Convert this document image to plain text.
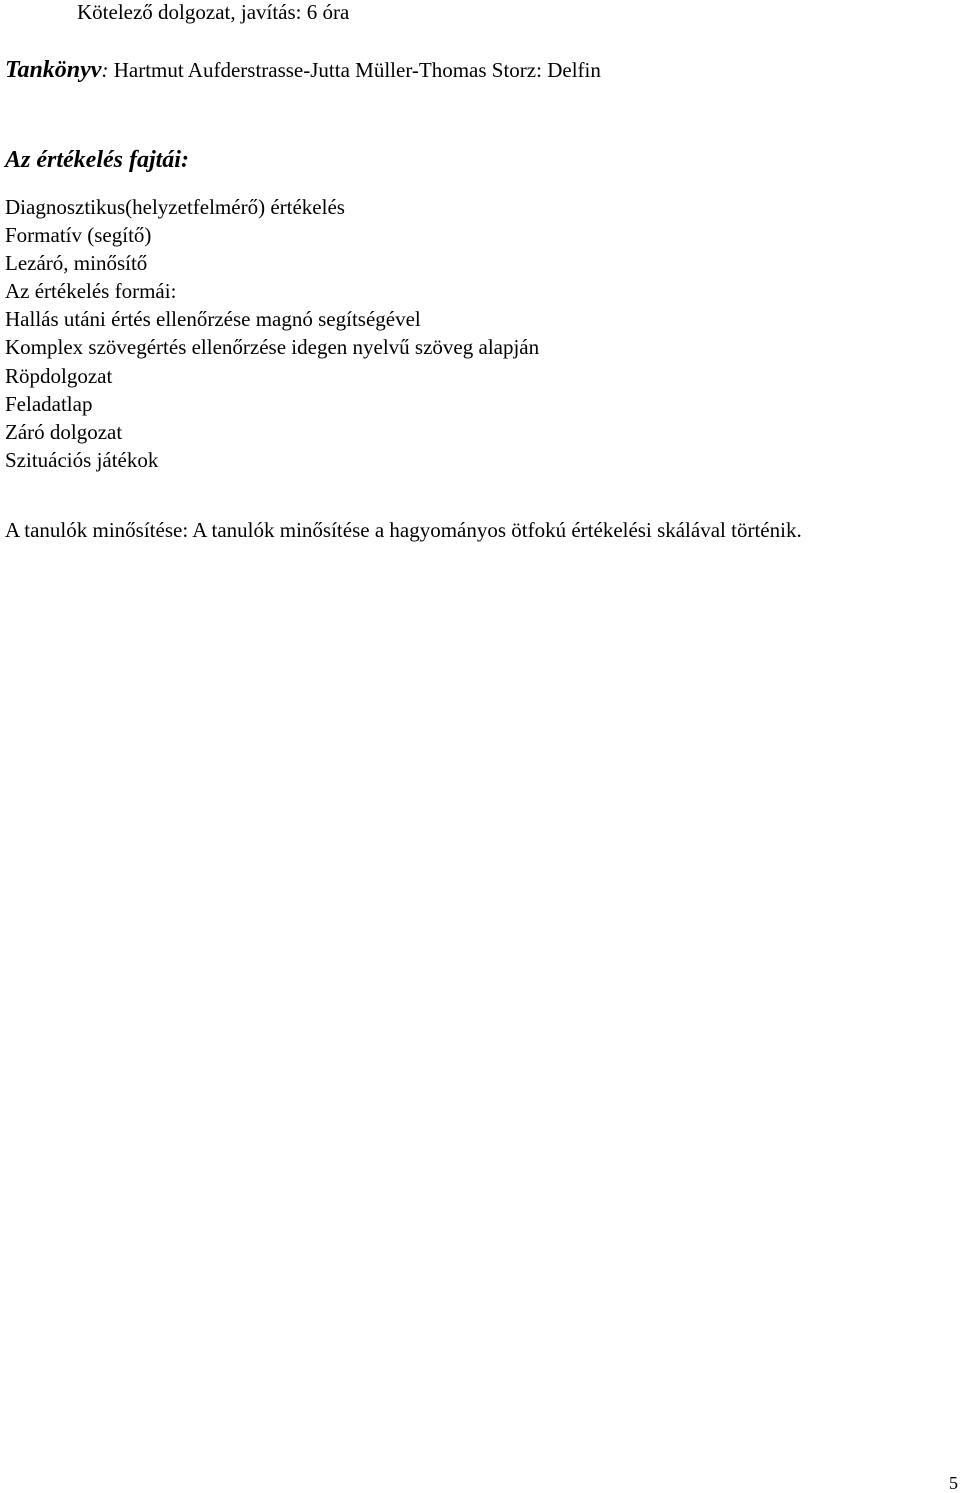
Kötelező dolgozat, javítás: 6 óra
Tankönyv: Hartmut Aufderstrasse-Jutta Müller-Thomas Storz: Delfin
Az értékelés fajtái:
Diagnosztikus(helyzetfelmérő) értékelés
Formatív (segítő)
Lezáró, minősítő
Az értékelés formái:
Hallás utáni értés ellenőrzése magnó segítségével
Komplex szövegértés ellenőrzése idegen nyelvű szöveg alapján
Röpdolgozat
Feladatlap
Záró dolgozat
Szituációs játékok
A tanulók minősítése: A tanulók minősítése a hagyományos ötfokú értékelési skálával történik.
5
